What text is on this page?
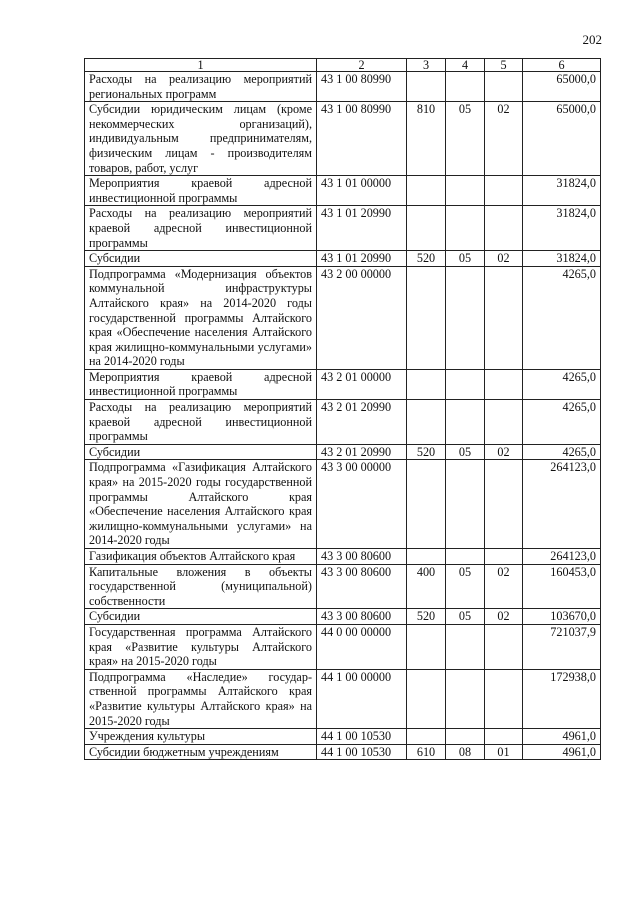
202
1	2	3	4	5	6
Расходы на реализацию мероприятий региональных программ	43 1 00 80990				65000,0
Субсидии юридическим лицам (кроме некоммерческих организаций), индивидуальным предпринимателям, физическим лицам - производителям товаров, работ, услуг	43 1 00 80990	810	05	02	65000,0
Мероприятия краевой адресной инвестиционной программы	43 1 01 00000				31824,0
Расходы на реализацию мероприятий краевой адресной инвестиционной программы	43 1 01 20990				31824,0
Субсидии	43 1 01 20990	520	05	02	31824,0
Подпрограмма «Модернизация объектов коммунальной инфраструктуры Алтайского края» на 2014-2020 годы государственной программы Алтайского края «Обеспечение населения Алтайского края жилищно-коммунальными услугами» на 2014-2020 годы	43 2 00 00000				4265,0
Мероприятия краевой адресной инвестиционной программы	43 2 01 00000				4265,0
Расходы на реализацию мероприятий краевой адресной инвестиционной программы	43 2 01 20990				4265,0
Субсидии	43 2 01 20990	520	05	02	4265,0
Подпрограмма «Газификация Алтайского края» на 2015-2020 годы государственной программы Алтайского края «Обеспечение населения Алтайского края жилищно-коммунальными услугами» на 2014-2020 годы	43 3 00 00000				264123,0
Газификация объектов Алтайского края	43 3 00 80600				264123,0
Капитальные вложения в объекты государственной (муниципальной) собственности	43 3 00 80600	400	05	02	160453,0
Субсидии	43 3 00 80600	520	05	02	103670,0
Государственная программа Алтайского края «Развитие культуры Алтайского края» на 2015-2020 годы	44 0 00 00000				721037,9
Подпрограмма «Наследие» государственной программы Алтайского края «Развитие культуры Алтайского края» на 2015-2020 годы	44 1 00 00000				172938,0
Учреждения культуры	44 1 00 10530				4961,0
Субсидии бюджетным учреждениям	44 1 00 10530	610	08	01	4961,0
